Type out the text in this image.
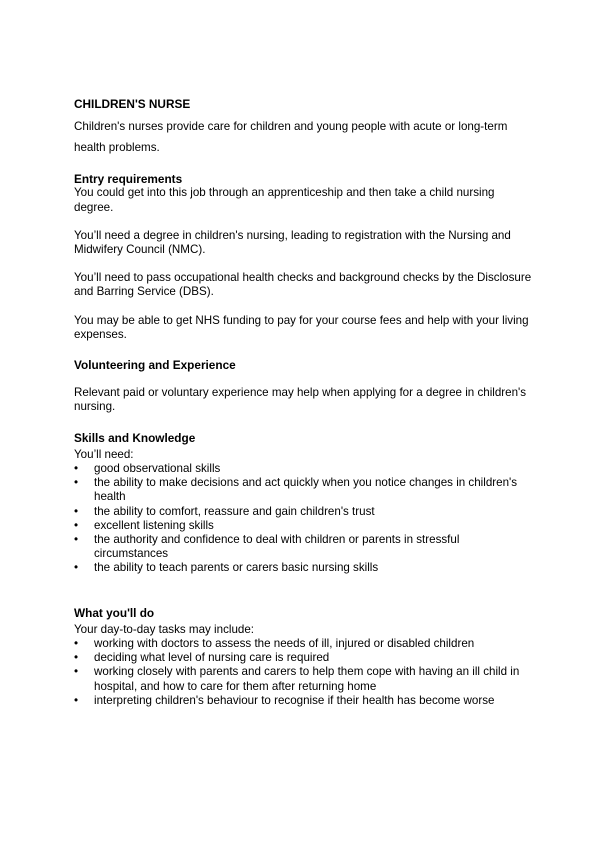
CHILDREN'S NURSE

Children's nurses provide care for children and young people with acute or long-term health problems.

Entry requirements

You could get into this job through an apprenticeship and then take a child nursing degree.

You’ll need a degree in children's nursing, leading to registration with the Nursing and Midwifery Council (NMC).

You’ll need to pass occupational health checks and background checks by the Disclosure and Barring Service (DBS).

You may be able to get NHS funding to pay for your course fees and help with your living expenses.

Volunteering and Experience

Relevant paid or voluntary experience may help when applying for a degree in children's nursing.

Skills and Knowledge

You’ll need:

•	good observational skills
•	the ability to make decisions and act quickly when you notice changes in children's health
•	the ability to comfort, reassure and gain children's trust
•	excellent listening skills
•	the authority and confidence to deal with children or parents in stressful circumstances
•	the ability to teach parents or carers basic nursing skills

What you'll do

Your day-to-day tasks may include:

•	working with doctors to assess the needs of ill, injured or disabled children
•	deciding what level of nursing care is required
•	working closely with parents and carers to help them cope with having an ill child in hospital, and how to care for them after returning home
•	interpreting children's behaviour to recognise if their health has become worse
